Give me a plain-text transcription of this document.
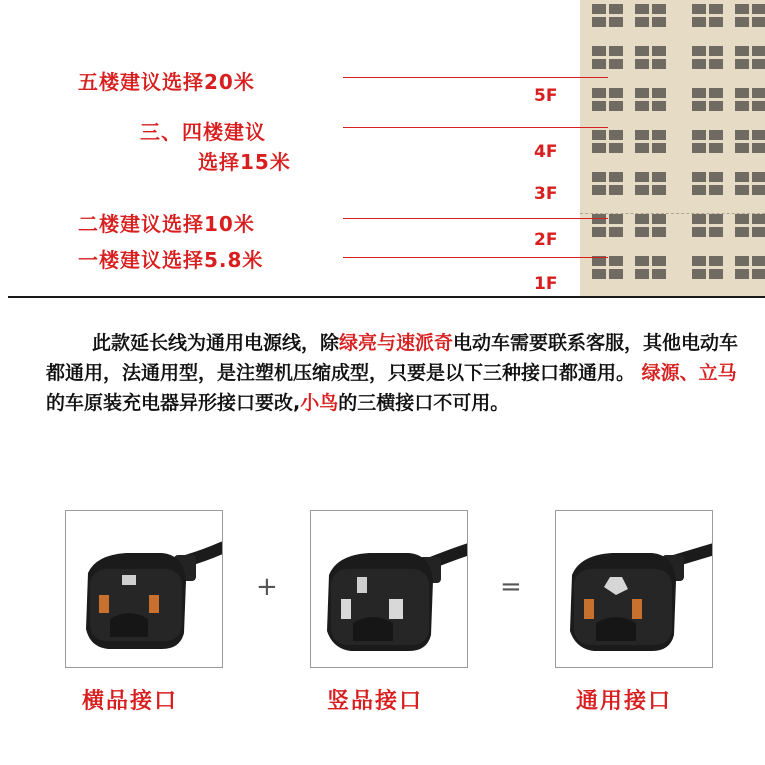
五楼建议选择20米
三、四楼建议
选择15米
二楼建议选择10米
一楼建议选择5.8米
5F
4F
3F
2F
1F
此款延长线为通用电源线，除绿亮与速派奇电动车需要联系客服，其他电动车都通用，法通用型，是注塑机压缩成型，只要是以下三种接口都通用。 绿源、立马 的车原装充电器异形接口要改,小鸟的三横接口不可用。
+	=
横品接口	竖品接口	通用接口
